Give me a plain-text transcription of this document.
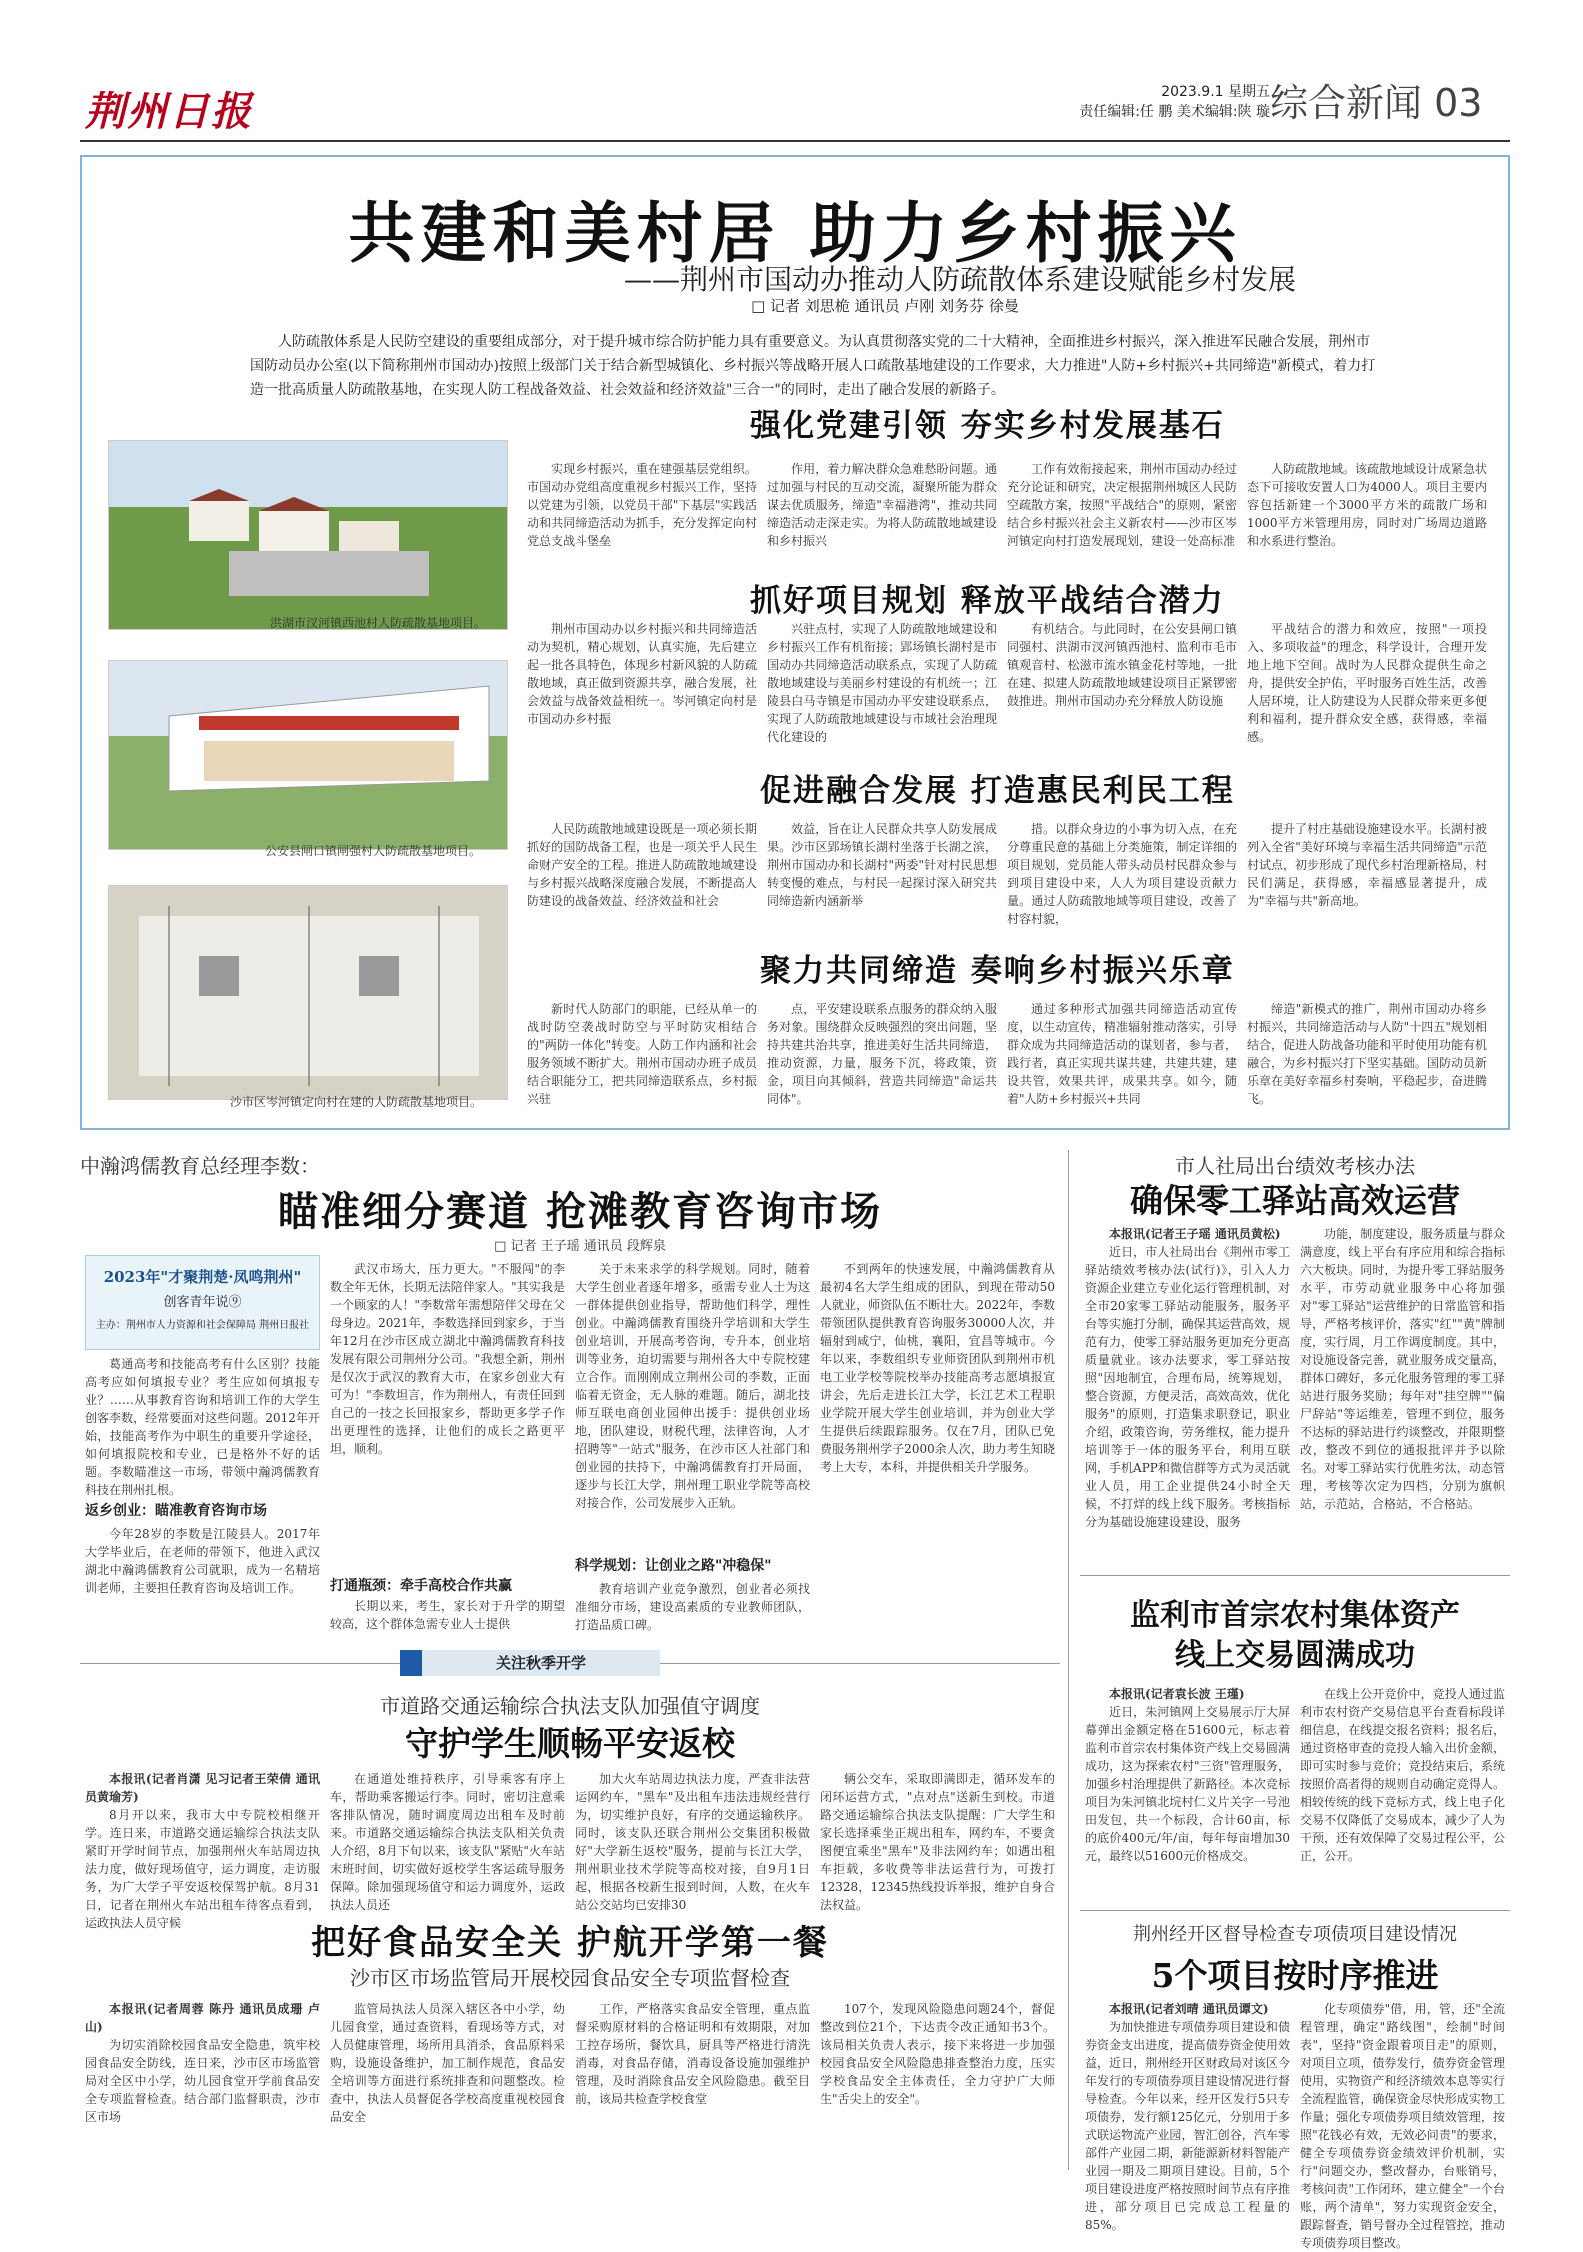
荆州日报	2023.9.1 星期五
责任编辑:任 鹏 美术编辑:陕 璇 综合新闻 03
共建和美村居 助力乡村振兴
——荆州市国动办推动人防疏散体系建设赋能乡村发展
□ 记者 刘思桅 通讯员 卢刚 刘务芬 徐曼
人防疏散体系是人民防空建设的重要组成部分，对于提升城市综合防护能力具有重要意义。为认真贯彻落实党的二十大精神，全面推进乡村振兴，深入推进军民融合发展，荆州市国防动员办公室(以下简称荆州市国动办)按照上级部门关于结合新型城镇化、乡村振兴等战略开展人口疏散基地建设的工作要求，大力推进"人防+乡村振兴+共同缔造"新模式，着力打造一批高质量人防疏散基地，在实现人防工程战备效益、社会效益和经济效益"三合一"的同时，走出了融合发展的新路子。
洪湖市汊河镇西池村人防疏散基地项目。
公安县闸口镇闸强村人防疏散基地项目。
沙市区岑河镇定向村在建的人防疏散基地项目。
强化党建引领 夯实乡村发展基石
实现乡村振兴，重在建强基层党组织。市国动办党组高度重视乡村振兴工作，坚持以党建为引领，以党员干部"下基层"实践活动和共同缔造活动为抓手，充分发挥定向村党总支战斗堡垒
作用，着力解决群众急难愁盼问题。通过加强与村民的互动交流，凝聚所能为群众谋去优质服务，缔造"幸福港湾"，推动共同缔造活动走深走实。为将人防疏散地域建设和乡村振兴
工作有效衔接起来，荆州市国动办经过充分论证和研究，决定根据荆州城区人民防空疏散方案，按照"平战结合"的原则，紧密结合乡村振兴社会主义新农村——沙市区岑河镇定向村打造发展现划，建设一处高标准
人防疏散地域。该疏散地域设计成紧急状态下可接收安置人口为4000人。项目主要内容包括新建一个3000平方米的疏散广场和1000平方米管理用房，同时对广场周边道路和水系进行整治。
抓好项目规划 释放平战结合潜力
荆州市国动办以乡村振兴和共同缔造活动为契机，精心规划，认真实施，先后建立起一批各具特色，体现乡村新风貌的人防疏散地域，真正做到资源共享，融合发展，社会效益与战备效益相统一。岑河镇定向村是市国动办乡村振
兴驻点村，实现了人防疏散地域建设和乡村振兴工作有机衔接；郢场镇长湖村是市国动办共同缔造活动联系点，实现了人防疏散地域建设与美丽乡村建设的有机统一；江陵县白马寺镇是市国动办平安建设联系点，实现了人防疏散地域建设与市域社会治理现代化建设的
有机结合。与此同时，在公安县闸口镇同强村、洪湖市汊河镇西池村、监利市毛市镇观音村、松滋市流水镇金花村等地，一批在建、拟建人防疏散地域建设项目正紧锣密鼓推进。荆州市国动办充分释放人防设施
平战结合的潜力和效应，按照"一项投入、多项收益"的理念，科学设计，合理开发地上地下空间。战时为人民群众提供生命之舟，提供安全护佑，平时服务百姓生活，改善人居环境，让人防建设为人民群众带来更多便利和福利，提升群众安全感，获得感，幸福感。
促进融合发展 打造惠民利民工程
人民防疏散地域建设既是一项必须长期抓好的国防战备工程，也是一项关乎人民生命财产安全的工程。推进人防疏散地域建设与乡村振兴战略深度融合发展，不断提高人防建设的战备效益、经济效益和社会
效益，旨在让人民群众共享人防发展成果。沙市区郢场镇长湖村坐落于长湖之滨，荆州市国动办和长湖村"两委"针对村民思想转变慢的难点，与村民一起探讨深入研究共同缔造新内涵新举
措。以群众身边的小事为切入点，在充分尊重民意的基础上分类施策，制定详细的项目规划，党员能人带头动员村民群众参与到项目建设中来，人人为项目建设贡献力量。通过人防疏散地域等项目建设，改善了村容村貌，
提升了村庄基础设施建设水平。长湖村被列入全省"美好环境与幸福生活共同缔造"示范村试点，初步形成了现代乡村治理新格局，村民们满足，获得感，幸福感显著提升，成为"幸福与共"新高地。
聚力共同缔造 奏响乡村振兴乐章
新时代人防部门的职能，已经从单一的战时防空袭战时防空与平时防灾相结合的"两防一体化"转变。人防工作内涵和社会服务领域不断扩大。荆州市国动办班子成员结合职能分工，把共同缔造联系点，乡村振兴驻
点，平安建设联系点服务的群众纳入服务对象。围绕群众反映强烈的突出问题，坚持共建共治共享，推进美好生活共同缔造，推动资源，力量，服务下沉，将政策，资金，项目向其倾斜，营造共同缔造"命运共同体"。
通过多种形式加强共同缔造活动宣传度，以生动宣传，精准辐射推动落实，引导群众成为共同缔造活动的谋划者，参与者，践行者，真正实现共谋共建，共建共建，建设共管，效果共评，成果共享。如今，随着"人防+乡村振兴+共同
缔造"新模式的推广，荆州市国动办将乡村振兴，共同缔造活动与人防"十四五"规划相结合，促进人防战备功能和平时使用功能有机融合，为乡村振兴打下坚实基础。国防动员新乐章在美好幸福乡村奏响，平稳起步，奋进腾飞。
中瀚鸿儒教育总经理李数：
瞄准细分赛道 抢滩教育咨询市场
□ 记者 王子瑶 通讯员 段辉泉
2023年"才聚荆楚·凤鸣荆州"
创客青年说⑨
主办：荆州市人力资源和社会保障局 荆州日报社
葛通高考和技能高考有什么区别？技能高考应如何填报专业？考生应如何填报专业？……从事教育咨询和培训工作的大学生创客李数，经常要面对这些问题。2012年开始，技能高考作为中职生的重要升学途径，如何填报院校和专业，已是格外不好的话题。李数瞄准这一市场，带领中瀚鸿儒教育科技在荆州扎根。
返乡创业：瞄准教育咨询市场
今年28岁的李数是江陵县人。2017年大学毕业后，在老师的带领下，他进入武汉湖北中瀚鸿儒教育公司就职，成为一名精培训老师，主要担任教育咨询及培训工作。
武汉市场大，压力更大。"不服闯"的李数全年无休，长期无法陪伴家人。"其实我是一个顾家的人！"李数常年需想陪伴父母在父母身边。2021年，李数选择回到家乡，于当年12月在沙市区成立湖北中瀚鸿儒教育科技发展有限公司荆州分公司。"我想全新，荆州是仅次于武汉的教育大市，在家乡创业大有可为！"李数坦言，作为荆州人，有责任回到自己的一技之长回报家乡，帮助更多学子作出更理性的选择，让他们的成长之路更平坦，顺利。
打通瓶颈：牵手高校合作共赢
长期以来，考生，家长对于升学的期望较高，这个群体急需专业人士提供
关于未来求学的科学规划。同时，随着大学生创业者逐年增多，亟需专业人士为这一群体提供创业指导，帮助他们科学，理性创业。中瀚鸿儒教育围绕升学培训和大学生创业培训，开展高考咨询，专升本，创业培训等业务，迫切需要与荆州各大中专院校建立合作。而刚刚成立荆州公司的李数，正面临着无资金，无人脉的难题。随后，湖北技师互联电商创业园伸出援手：提供创业场地，团队建设，财税代理，法律咨询，人才招聘等"一站式"服务，在沙市区人社部门和创业园的扶持下，中瀚鸿儒教育打开局面，逐步与长江大学，荆州理工职业学院等高校对接合作，公司发展步入正轨。
科学规划：让创业之路"冲稳保"
教育培训产业竞争激烈，创业者必须找准细分市场，建设高素质的专业教师团队，打造品质口碑。
不到两年的快速发展，中瀚鸿儒教育从最初4名大学生组成的团队，到现在带动50人就业，师资队伍不断壮大。2022年，李数带领团队提供教育咨询服务30000人次，并辐射到咸宁，仙桃，襄阳，宜昌等城市。今年以来，李数组织专业师资团队到荆州市机电工业学校等院校举办技能高考志愿填报宣讲会，先后走进长江大学，长江艺术工程职业学院开展大学生创业培训，并为创业大学生提供后续跟踪服务。仅在7月，团队已免费服务荆州学子2000余人次，助力考生知晓考上大专，本科，并提供相关升学服务。
市人社局出台绩效考核办法
确保零工驿站高效运营
本报讯(记者王子瑶 通讯员黄松)
近日，市人社局出台《荆州市零工驿站绩效考核办法(试行)》，引入人力资源企业建立专业化运行管理机制，对全市20家零工驿站动能服务，服务平台等实施打分制，确保其运营高效，规范有力，使零工驿站服务更加充分更高质量就业。该办法要求，零工驿站按照"因地制宜，合理布局，统筹规划，整合资源，方便灵活，高效高效，优化服务"的原则，打造集求职登记，职业介绍，政策咨询，劳务维权，能力提升培训等于一体的服务平台，利用互联网，手机APP和微信群等方式为灵活就业人员，用工企业提供24小时全天候，不打烊的线上线下服务。考核指标分为基础设施建设建设，服务
功能，制度建设，服务质量与群众满意度，线上平台有序应用和综合指标六大板块。同时，为提升零工驿站服务水平，市劳动就业服务中心将加强对"零工驿站"运营维护的日常监管和指导，严格考核评价，落实"红""黄"牌制度，实行周，月工作调度制度。其中，对设施设备完善，就业服务成交量高，群体口碑好，多元化服务管理的零工驿站进行服务奖励；每年对"挂空牌""偏尸辞站"等运维差，管理不到位，服务不达标的驿站进行约谈整改，并限期整改，整改不到位的通报批评并予以除名。对零工驿站实行优胜劣汰，动态管理，考核等次定为四档，分别为旗帜站，示范站，合格站，不合格站。
监利市首宗农村集体资产
线上交易圆满成功
本报讯(记者袁长波 王瑾)
近日，朱河镇网上交易展示厅大屏幕弹出金额定格在51600元，标志着监利市首宗农村集体资产线上交易圆满成功，这为探索农村"三资"管理服务，加强乡村治理提供了新路径。本次竞标项目为朱河镇北垸村仁义片关字一号池田发包，共一个标段，合计60亩，标的底价400元/年/亩，每年每亩增加30元，最终以51600元价格成交。
在线上公开竞价中，竞投人通过监利市农村资产交易信息平台查看标段详细信息，在线提交报名资料；报名后，通过资格审查的竞投人输入出价金额，即可实时参与竞价；竞投结束后，系统按照价高者得的规则自动确定竞得人。相较传统的线下竞标方式，线上电子化交易不仅降低了交易成本，减少了人为干预，还有效保障了交易过程公平，公正，公开。
荆州经开区督导检查专项债项目建设情况
5个项目按时序推进
本报讯(记者刘晴 通讯员谭文)
为加快推进专项债券项目建设和债券资金支出进度，提高债券资金使用效益，近日，荆州经开区财政局对该区今年发行的专项债券项目建设情况进行督导检查。今年以来，经开区发行5只专项债券，发行额125亿元，分别用于多式联运物流产业园，智汇创谷，汽车零部件产业园二期，新能源新材料智能产业园一期及二期项目建设。目前，5个项目建设进度严格按照时间节点有序推进，部分项目已完成总工程量的85%。
化专项债券"借，用，管，还"全流程管理，确定"路线图"，绘制"时间表"，坚持"资金跟着项目走"的原则，对项目立项，债券发行，债券资金管理使用，实物资产和经济绩效本息等实行全流程监管，确保资金尽快形成实物工作量；强化专项债券项目绩效管理，按照"花钱必有效，无效必问责"的要求，健全专项债券资金绩效评价机制，实行"问题交办，整改督办，台账销号，考核问责"工作闭环，建立健全"一个台账，两个清单"，努力实现资金安全，跟踪督查，销号督办全过程管控，推动专项债券项目整改。
关注秋季开学
市道路交通运输综合执法支队加强值守调度
守护学生顺畅平安返校
本报讯(记者肖潇 见习记者王荣倩 通讯员黄瑜芳)
8月开以来，我市大中专院校相继开学。连日来，市道路交通运输综合执法支队紧盯开学时间节点，加强荆州火车站周边执法力度，做好现场值守，运力调度，走访服务，为广大学子平安返校保驾护航。8月31日，记者在荆州火车站出租车待客点看到，运政执法人员守候
在通道处维持秩序，引导乘客有序上车，帮助乘客搬运行李。同时，密切注意乘客排队情况，随时调度周边出租车及时前来。市道路交通运输综合执法支队相关负责人介绍，8月下旬以来，该支队"紧贴"火车站末班时间，切实做好返校学生客运疏导服务保障。除加强现场值守和运力调度外，运政执法人员还
加大火车站周边执法力度，严查非法营运网约车，"黑车"及出租车违法违规经营行为，切实维护良好，有序的交通运输秩序。同时，该支队还联合荆州公交集团积极做好"大学新生返校"服务，提前与长江大学，荆州职业技术学院等高校对接，自9月1日起，根据各校新生报到时间，人数，在火车站公交站均已安排30
辆公交车，采取即满即走，循环发车的闭环运营方式，"点对点"送新生到校。市道路交通运输综合执法支队提醒：广大学生和家长选择乘坐正规出租车，网约车，不要贪图便宜乘坐"黑车"及非法网约车；如遇出租车拒载，多收费等非法运营行为，可拨打12328，12345热线投诉举报，维护自身合法权益。
把好食品安全关 护航开学第一餐
沙市区市场监管局开展校园食品安全专项监督检查
本报讯(记者周蓉 陈丹 通讯员成珊 卢山)
为切实消除校园食品安全隐患，筑牢校园食品安全防线，连日来，沙市区市场监管局对全区中小学，幼儿园食堂开学前食品安全专项监督检查。结合部门监督职责，沙市区市场
监管局执法人员深入辖区各中小学，幼儿园食堂，通过查资料，看现场等方式，对人员健康管理，场所用具消杀，食品原料采购，设施设备维护，加工制作规范，食品安全培训等方面进行系统排查和问题整改。检查中，执法人员督促各学校高度重视校园食品安全
工作，严格落实食品安全管理，重点监督采购原材料的合格证明和有效期限，对加工控存场所，餐饮具，厨具等严格进行清洗消毒，对食品存储，消毒设备设施加强维护管理，及时消除食品安全风险隐患。截至目前，该局共检查学校食堂
107个，发现风险隐患问题24个，督促整改到位21个，下达责令改正通知书3个。该局相关负责人表示，接下来将进一步加强校园食品安全风险隐患排查整治力度，压实学校食品安全主体责任，全力守护广大师生"舌尖上的安全"。
